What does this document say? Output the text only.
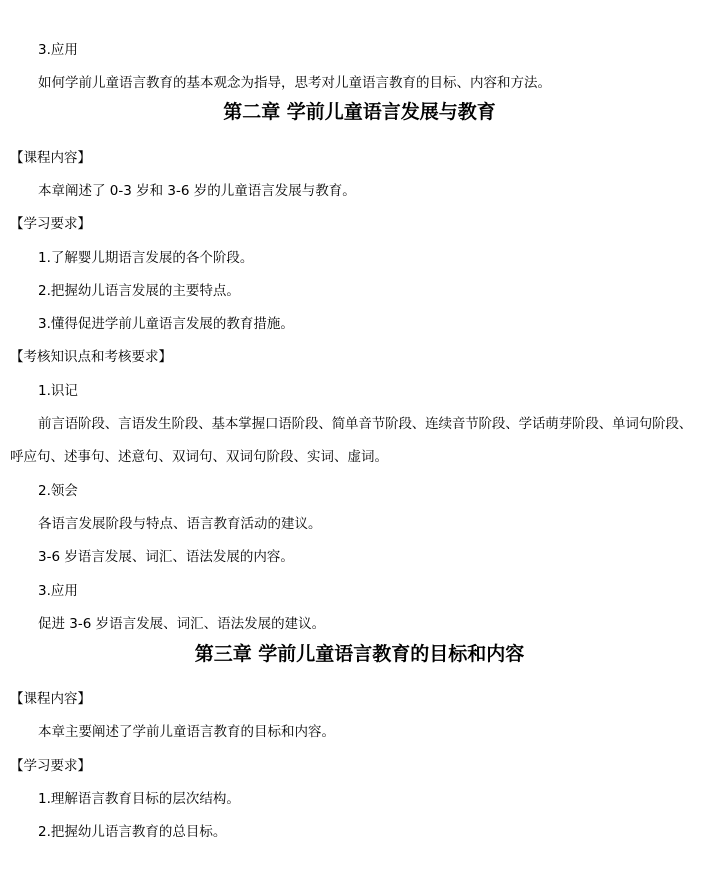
3.应用
如何学前儿童语言教育的基本观念为指导，思考对儿童语言教育的目标、内容和方法。
第二章 学前儿童语言发展与教育
【课程内容】
本章阐述了 0-3 岁和 3-6 岁的儿童语言发展与教育。
【学习要求】
1.了解婴儿期语言发展的各个阶段。
2.把握幼儿语言发展的主要特点。
3.懂得促进学前儿童语言发展的教育措施。
【考核知识点和考核要求】
1.识记
前言语阶段、言语发生阶段、基本掌握口语阶段、简单音节阶段、连续音节阶段、学话萌芽阶段、单词句阶段、
呼应句、述事句、述意句、双词句、双词句阶段、实词、虚词。
2.领会
各语言发展阶段与特点、语言教育活动的建议。
3-6 岁语言发展、词汇、语法发展的内容。
3.应用
促进 3-6 岁语言发展、词汇、语法发展的建议。
第三章 学前儿童语言教育的目标和内容
【课程内容】
本章主要阐述了学前儿童语言教育的目标和内容。
【学习要求】
1.理解语言教育目标的层次结构。
2.把握幼儿语言教育的总目标。
